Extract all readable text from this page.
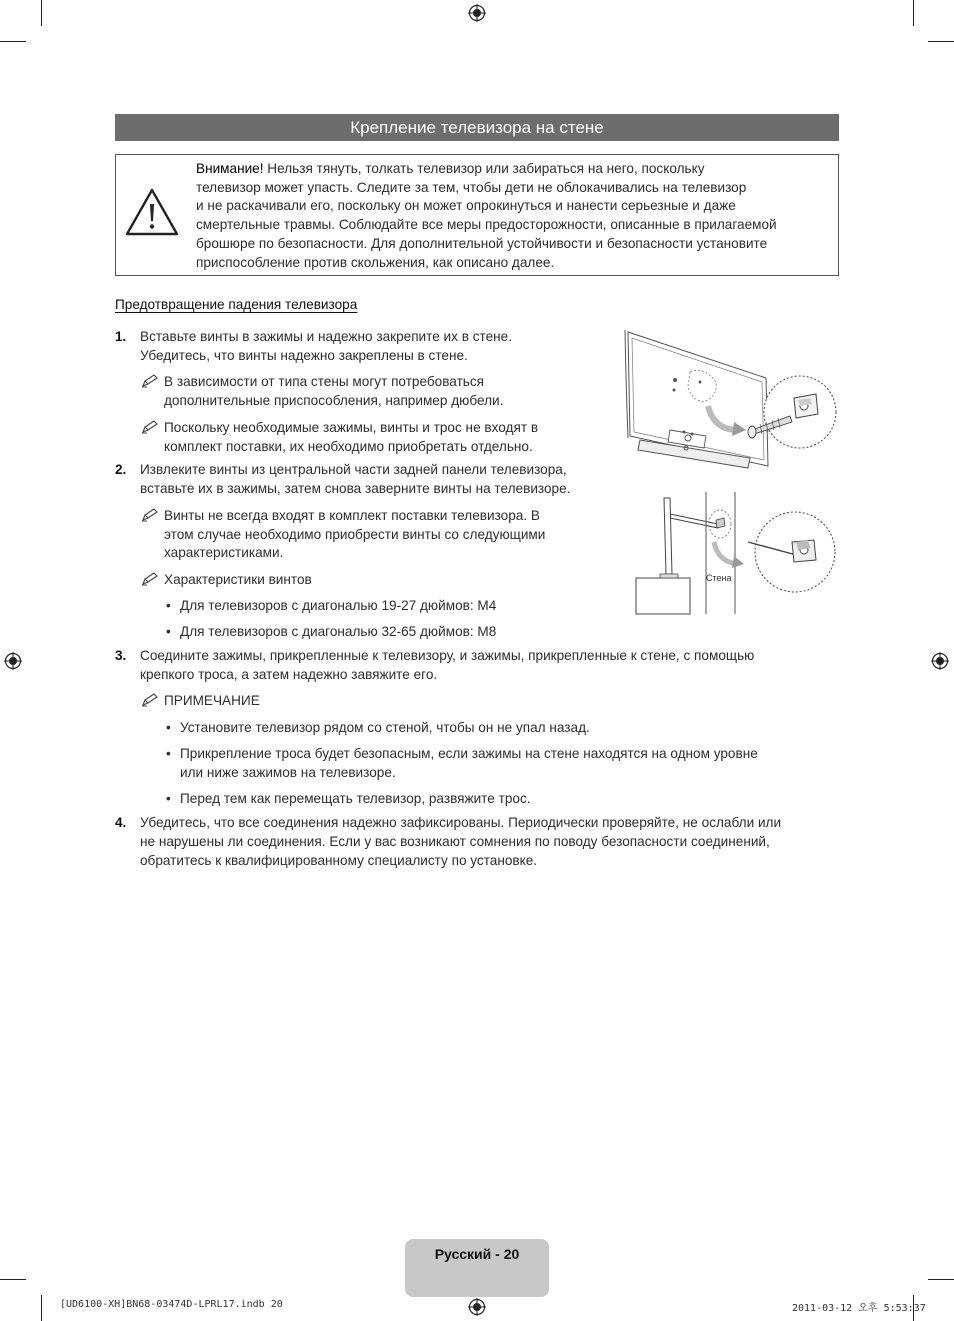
Крепление телевизора на стене
Внимание! Нельзя тянуть, толкать телевизор или забираться на него, поскольку
телевизор может упасть. Следите за тем, чтобы дети не облокачивались на телевизор
и не раскачивали его, поскольку он может опрокинуться и нанести серьезные и даже
смертельные травмы. Соблюдайте все меры предосторожности, описанные в прилагаемой
брошюре по безопасности. Для дополнительной устойчивости и безопасности установите
приспособление против скольжения, как описано далее.
Предотвращение падения телевизора
1. Вставьте винты в зажимы и надежно закрепите их в стене.
Убедитесь, что винты надежно закреплены в стене.
В зависимости от типа стены могут потребоваться
дополнительные приспособления, например дюбели.
Поскольку необходимые зажимы, винты и трос не входят в
комплект поставки, их необходимо приобретать отдельно.
2. Извлеките винты из центральной части задней панели телевизора,
вставьте их в зажимы, затем снова заверните винты на телевизоре.
Винты не всегда входят в комплект поставки телевизора. В
этом случае необходимо приобрести винты со следующими
характеристиками.
Характеристики винтов
• Для телевизоров с диагональю 19-27 дюймов: M4
• Для телевизоров с диагональю 32-65 дюймов: M8
3. Соедините зажимы, прикрепленные к телевизору, и зажимы, прикрепленные к стене, с помощью
крепкого троса, а затем надежно завяжите его.
ПРИМЕЧАНИЕ
• Установите телевизор рядом со стеной, чтобы он не упал назад.
• Прикрепление троса будет безопасным, если зажимы на стене находятся на одном уровне
или ниже зажимов на телевизоре.
• Перед тем как перемещать телевизор, развяжите трос.
4. Убедитесь, что все соединения надежно зафиксированы. Периодически проверяйте, не ослабли или
не нарушены ли соединения. Если у вас возникают сомнения по поводу безопасности соединений,
обратитесь к квалифицированному специалисту по установке.
Стена
Русский - 20
[UD6100-XH]BN68-03474D-LPRL17.indb 20	2011-03-12 오후 5:53:37
